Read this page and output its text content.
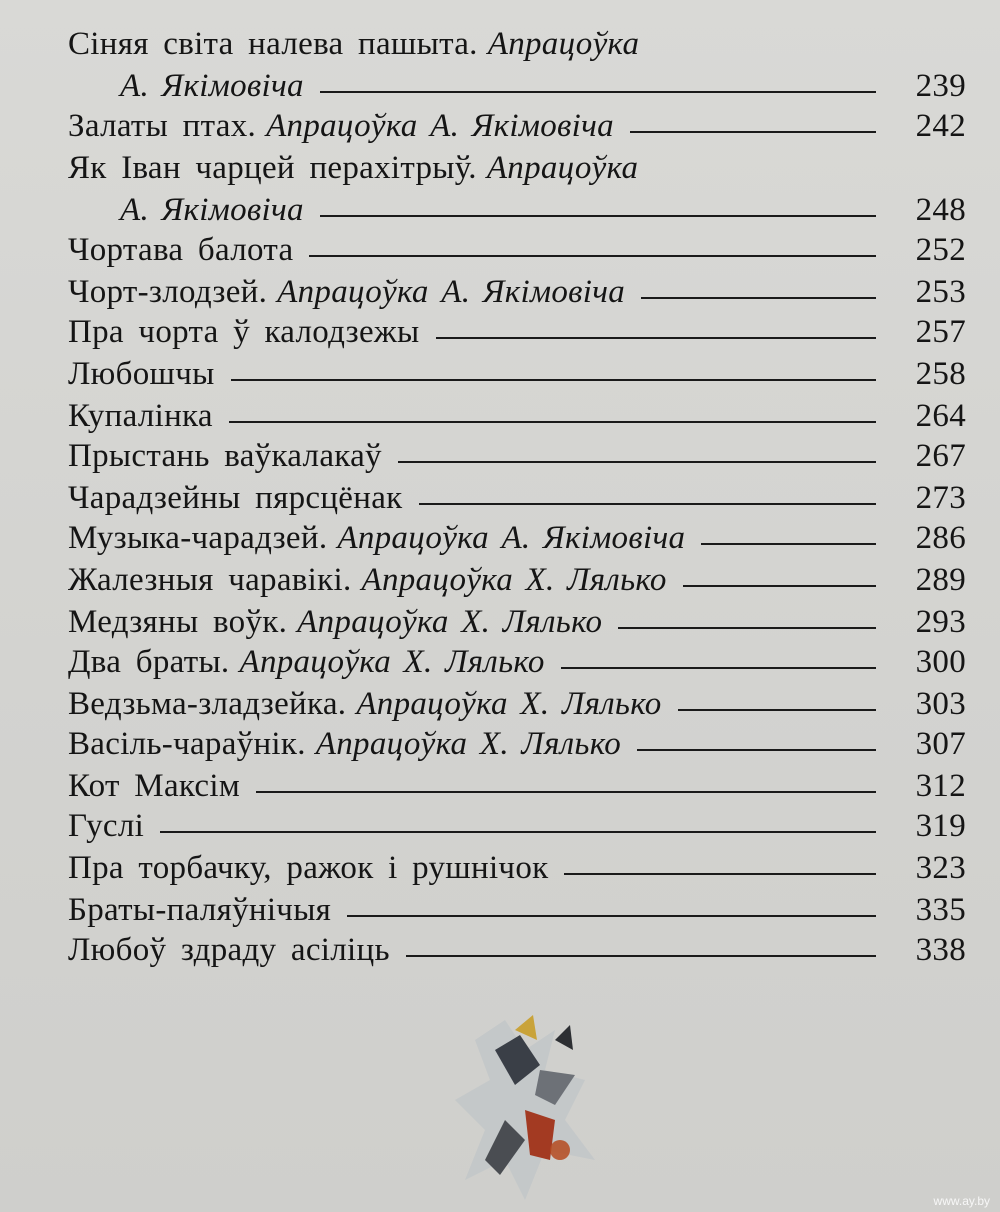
Сіняя світа налева пашыта. Апрацоўка
А. Якімовіча	239
Залаты птах. Апрацоўка А. Якімовіча	242
Як Іван чарцей перахітрыў. Апрацоўка
А. Якімовіча	248
Чортава балота	252
Чорт-злодзей. Апрацоўка А. Якімовіча	253
Пра чорта ў калодзежы	257
Любошчы	258
Купалінка	264
Прыстань ваўкалакаў	267
Чарадзейны пярсцёнак	273
Музыка-чарадзей. Апрацоўка А. Якімовіча	286
Жалезныя чаравікі. Апрацоўка Х. Лялько	289
Медзяны воўк. Апрацоўка Х. Лялько	293
Два браты. Апрацоўка Х. Лялько	300
Ведзьма-зладзейка. Апрацоўка Х. Лялько	303
Васіль-чараўнік. Апрацоўка Х. Лялько	307
Кот Максім	312
Гуслі	319
Пра торбачку, ражок і рушнічок	323
Браты-паляўнічыя	335
Любоў здраду асіліць	338
www.ay.by
